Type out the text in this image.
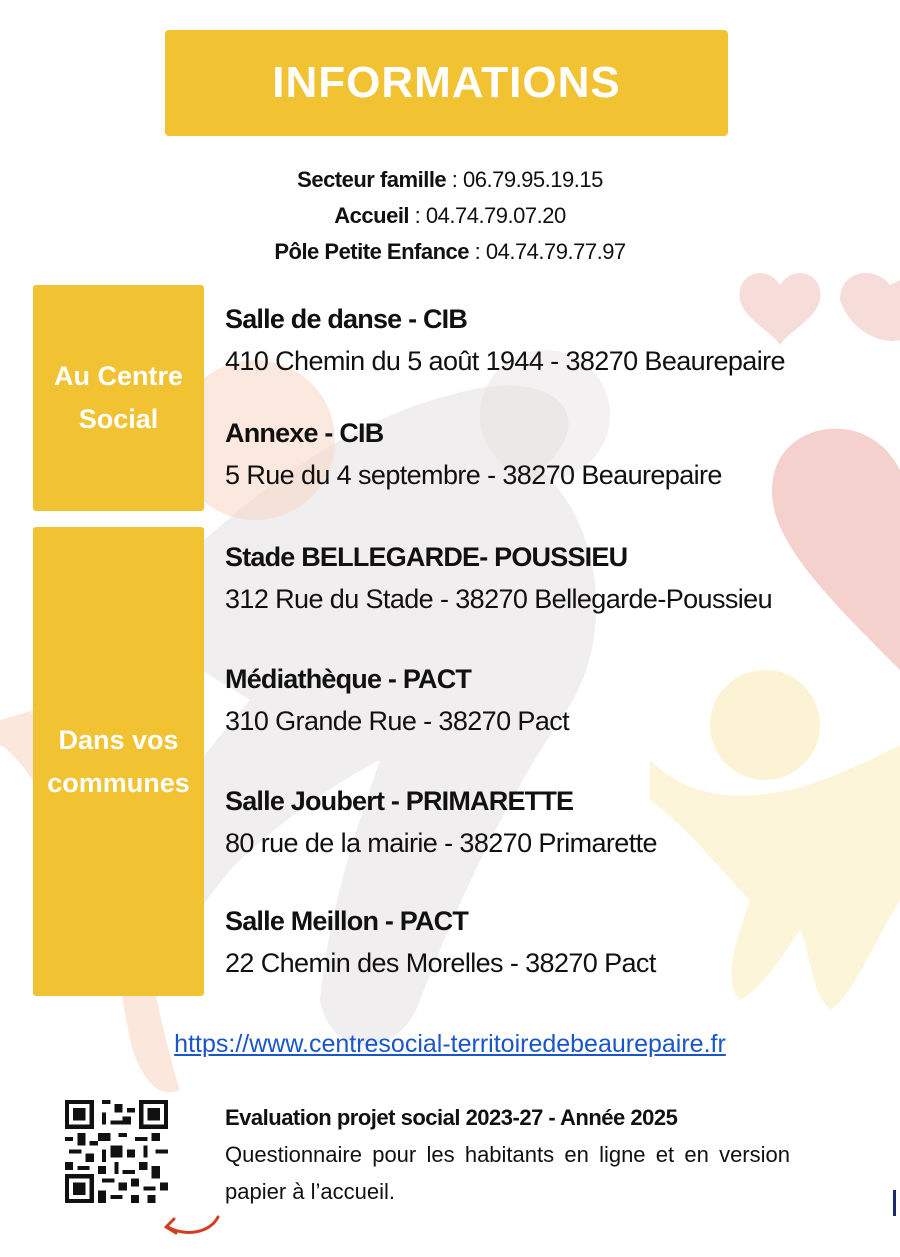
INFORMATIONS
Secteur famille : 06.79.95.19.15
Accueil : 04.74.79.07.20
Pôle Petite Enfance : 04.74.79.77.97
Au Centre Social
Dans vos communes
Salle de danse - CIB
410 Chemin du 5 août 1944 - 38270 Beaurepaire
Annexe - CIB
5 Rue du 4 septembre - 38270 Beaurepaire
Stade BELLEGARDE- POUSSIEU
312 Rue du Stade - 38270 Bellegarde-Poussieu
Médiathèque - PACT
310 Grande Rue - 38270 Pact
Salle Joubert - PRIMARETTE
80 rue de la mairie - 38270 Primarette
Salle Meillon - PACT
22 Chemin des Morelles - 38270 Pact
https://www.centresocial-territoiredebeaurepaire.fr
Evaluation projet social 2023-27 - Année 2025
Questionnaire pour les habitants en ligne et en version papier à l’accueil.
